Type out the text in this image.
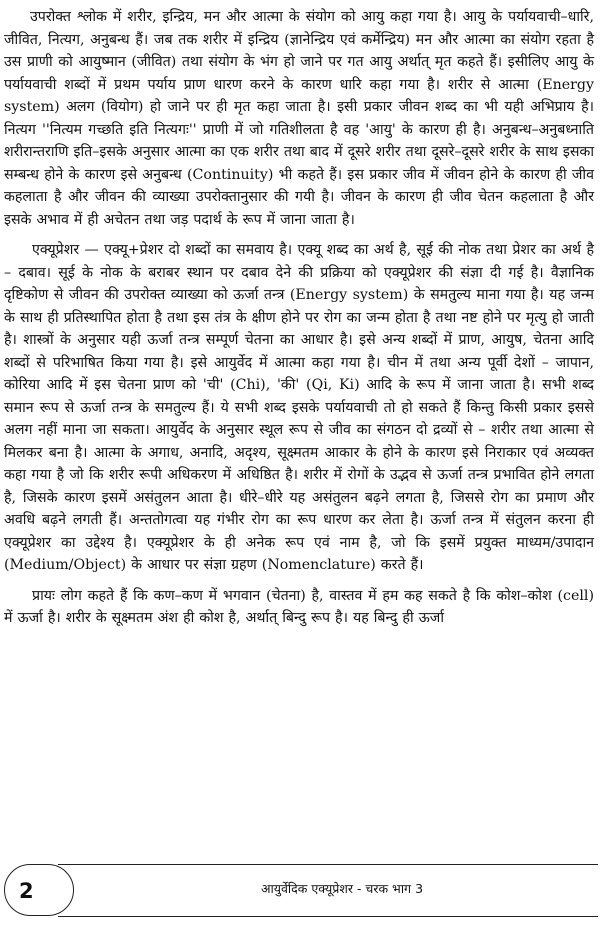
उपरोक्त श्लोक में शरीर, इन्द्रिय, मन और आत्मा के संयोग को आयु कहा गया है। आयु के पर्यायवाची–धारि, जीवित, नित्यग, अनुबन्ध हैं। जब तक शरीर में इन्द्रिय (ज्ञानेन्द्रिय एवं कर्मेन्द्रिय) मन और आत्मा का संयोग रहता है उस प्राणी को आयुष्मान (जीवित) तथा संयोग के भंग हो जाने पर गत आयु अर्थात् मृत कहते हैं। इसीलिए आयु के पर्यायवाची शब्दों में प्रथम पर्याय प्राण धारण करने के कारण धारि कहा गया है। शरीर से आत्मा (Energy system) अलग (वियोग) हो जाने पर ही मृत कहा जाता है। इसी प्रकार जीवन शब्द का भी यही अभिप्राय है। नित्यग ''नित्यम गच्छति इति नित्यगः'' प्राणी में जो गतिशीलता है वह 'आयु' के कारण ही है। अनुबन्ध–अनुबध्नाति शरीरान्तराणि इति–इसके अनुसार आत्मा का एक शरीर तथा बाद में दूसरे शरीर तथा दूसरे–दूसरे शरीर के साथ इसका सम्बन्ध होने के कारण इसे अनुबन्ध (Continuity) भी कहते हैं। इस प्रकार जीव में जीवन होने के कारण ही जीव कहलाता है और जीवन की व्याख्या उपरोक्तानुसार की गयी है। जीवन के कारण ही जीव चेतन कहलाता है और इसके अभाव में ही अचेतन तथा जड़ पदार्थ के रूप में जाना जाता है।

एक्यूप्रेशर — एक्यू+प्रेशर दो शब्दों का समवाय है। एक्यू शब्द का अर्थ है, सूई की नोक तथा प्रेशर का अर्थ है – दबाव। सूई के नोक के बराबर स्थान पर दबाव देने की प्रक्रिया को एक्यूप्रेशर की संज्ञा दी गई है। वैज्ञानिक दृष्टिकोण से जीवन की उपरोक्त व्याख्या को ऊर्जा तन्त्र (Energy system) के समतुल्य माना गया है। यह जन्म के साथ ही प्रतिस्थापित होता है तथा इस तंत्र के क्षीण होने पर रोग का जन्म होता है तथा नष्ट होने पर मृत्यु हो जाती है। शास्त्रों के अनुसार यही ऊर्जा तन्त्र सम्पूर्ण चेतना का आधार है। इसे अन्य शब्दों में प्राण, आयुष, चेतना आदि शब्दों से परिभाषित किया गया है। इसे आयुर्वेद में आत्मा कहा गया है। चीन में तथा अन्य पूर्वी देशों – जापान, कोरिया आदि में इस चेतना प्राण को 'ची' (Chi), 'की' (Qi, Ki) आदि के रूप में जाना जाता है। सभी शब्द समान रूप से ऊर्जा तन्त्र के समतुल्य हैं। ये सभी शब्द इसके पर्यायवाची तो हो सकते हैं किन्तु किसी प्रकार इससे अलग नहीं माना जा सकता। आयुर्वेद के अनुसार स्थूल रूप से जीव का संगठन दो द्रव्यों से – शरीर तथा आत्मा से मिलकर बना है। आत्मा के अगाध, अनादि, अदृश्य, सूक्ष्मतम आकार के होने के कारण इसे निराकार एवं अव्यक्त कहा गया है जो कि शरीर रूपी अधिकरण में अधिष्ठित है। शरीर में रोगों के उद्भव से ऊर्जा तन्त्र प्रभावित होने लगता है, जिसके कारण इसमें असंतुलन आता है। धीरे–धीरे यह असंतुलन बढ़ने लगता है, जिससे रोग का प्रमाण और अवधि बढ़ने लगती हैं। अन्ततोगत्वा यह गंभीर रोग का रूप धारण कर लेता है। ऊर्जा तन्त्र में संतुलन करना ही एक्यूप्रेशर का उद्देश्य है। एक्यूप्रेशर के ही अनेक रूप एवं नाम है, जो कि इसमें प्रयुक्त माध्यम/उपादान (Medium/Object) के आधार पर संज्ञा ग्रहण (Nomenclature) करते हैं।

प्रायः लोग कहते हैं कि कण–कण में भगवान (चेतना) है, वास्तव में हम कह सकते है कि कोश–कोश (cell) में ऊर्जा है। शरीर के सूक्ष्मतम अंश ही कोश है, अर्थात् बिन्दु रूप है। यह बिन्दु ही ऊर्जा

2	आयुर्वेदिक एक्यूप्रेशर - चरक भाग 3
